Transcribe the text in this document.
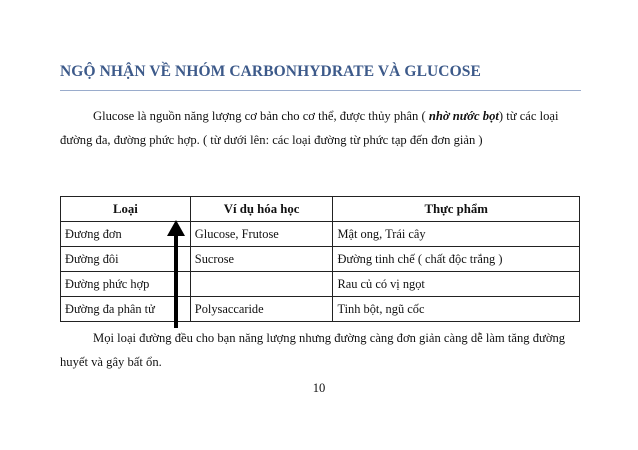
NGỘ NHẬN VỀ NHÓM CARBONHYDRATE VÀ GLUCOSE
Glucose là nguồn năng lượng cơ bản cho cơ thể, được thủy phân ( nhờ nước bọt) từ các loại đường đa, đường phức hợp. ( từ dưới lên: các loại đường từ phức tạp đến đơn giản )
Loại	Ví dụ hóa học	Thực phẩm
Đương đơn	Glucose, Frutose	Mật ong, Trái cây
Đường đôi	Sucrose	Đường tinh chế ( chất độc trắng )
Đường phức hợp		Rau củ có vị ngọt
Đường đa phân tử	Polysaccaride	Tinh bột, ngũ cốc
Mọi loại đường đều cho bạn năng lượng nhưng đường càng đơn giản càng dễ làm tăng đường huyết và gây bất ổn.
10
